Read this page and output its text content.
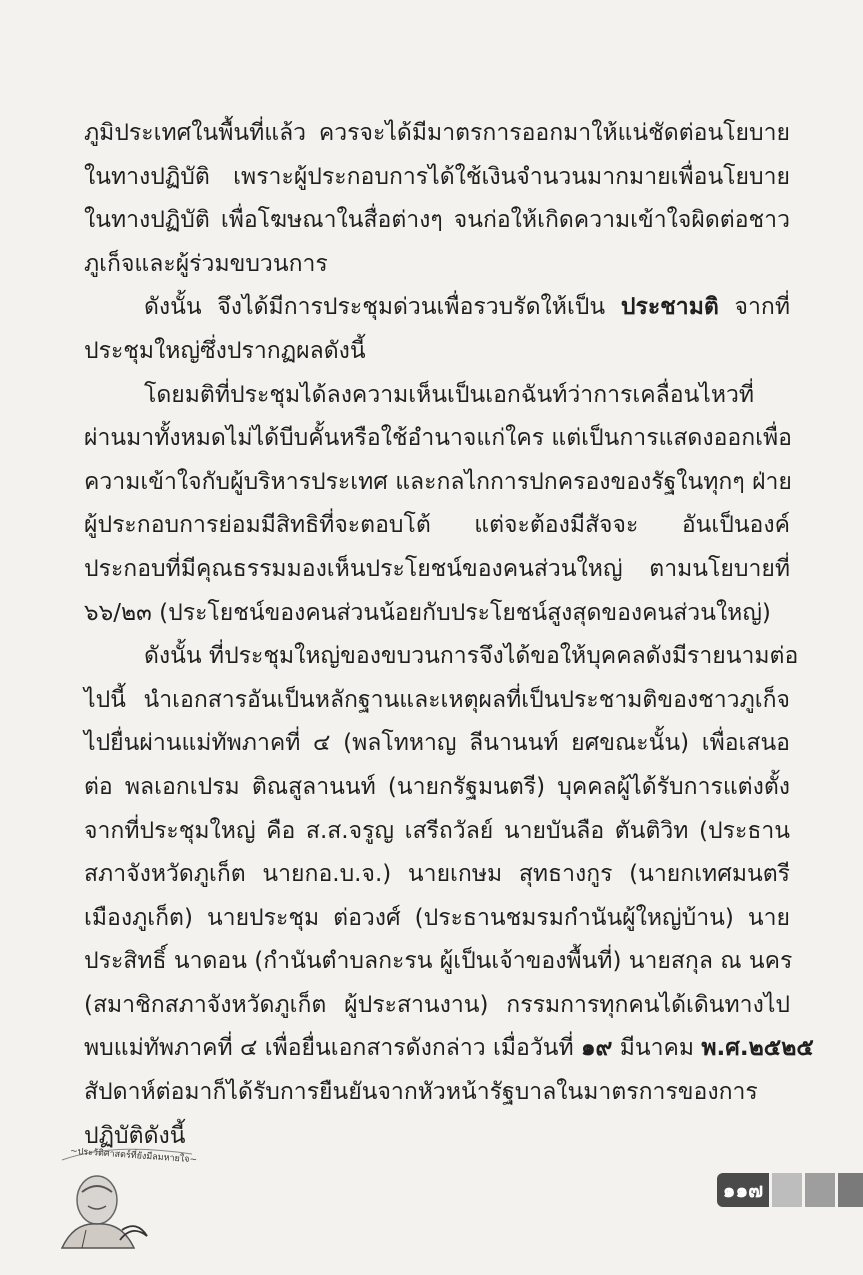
ภูมิประเทศในพื้นที่แล้ว ควรจะได้มีมาตรการออกมาให้แน่ชัดต่อนโยบาย
ในทางปฏิบัติ เพราะผู้ประกอบการได้ใช้เงินจำนวนมากมายเพื่อนโยบาย
ในทางปฏิบัติ เพื่อโฆษณาในสื่อต่างๆ จนก่อให้เกิดความเข้าใจผิดต่อชาว
ภูเก็จและผู้ร่วมขบวนการ
ดังนั้น จึงได้มีการประชุมด่วนเพื่อรวบรัดให้เป็น ประชามติ จากที่
ประชุมใหญ่ซึ่งปรากฏผลดังนี้
โดยมติที่ประชุมได้ลงความเห็นเป็นเอกฉันท์ว่าการเคลื่อนไหวที่
ผ่านมาทั้งหมดไม่ได้บีบคั้นหรือใช้อำนาจแก่ใคร แต่เป็นการแสดงออกเพื่อ
ความเข้าใจกับผู้บริหารประเทศ และกลไกการปกครองของรัฐในทุกๆ ฝ่าย
ผู้ประกอบการย่อมมีสิทธิที่จะตอบโต้ แต่จะต้องมีสัจจะ อันเป็นองค์
ประกอบที่มีคุณธรรมมองเห็นประโยชน์ของคนส่วนใหญ่ ตามนโยบายที่
๖๖/๒๓ (ประโยชน์ของคนส่วนน้อยกับประโยชน์สูงสุดของคนส่วนใหญ่)
ดังนั้น ที่ประชุมใหญ่ของขบวนการจึงได้ขอให้บุคคลดังมีรายนามต่อ
ไปนี้ นำเอกสารอันเป็นหลักฐานและเหตุผลที่เป็นประชามติของชาวภูเก็จ
ไปยื่นผ่านแม่ทัพภาคที่ ๔ (พลโทหาญ ลีนานนท์ ยศขณะนั้น) เพื่อเสนอ
ต่อ พลเอกเปรม ติณสูลานนท์ (นายกรัฐมนตรี) บุคคลผู้ได้รับการแต่งตั้ง
จากที่ประชุมใหญ่ คือ ส.ส.จรูญ เสรีถวัลย์ นายบันลือ ตันติวิท (ประธาน
สภาจังหวัดภูเก็ต นายกอ.บ.จ.) นายเกษม สุทธางกูร (นายกเทศมนตรี
เมืองภูเก็ต) นายประชุม ต่อวงศ์ (ประธานชมรมกำนันผู้ใหญ่บ้าน) นาย
ประสิทธิ์ นาดอน (กำนันตำบลกะรน ผู้เป็นเจ้าของพื้นที่) นายสกุล ณ นคร
(สมาชิกสภาจังหวัดภูเก็ต ผู้ประสานงาน) กรรมการทุกคนได้เดินทางไป
พบแม่ทัพภาคที่ ๔ เพื่อยื่นเอกสารดังกล่าว เมื่อวันที่ ๑๙ มีนาคม พ.ศ.๒๕๒๕
สัปดาห์ต่อมาก็ได้รับการยืนยันจากหัวหน้ารัฐบาลในมาตรการของการ
ปฏิบัติดังนี้
~ประวัติศาสตร์ที่ยังมีลมหายใจ~
๑๑๗
